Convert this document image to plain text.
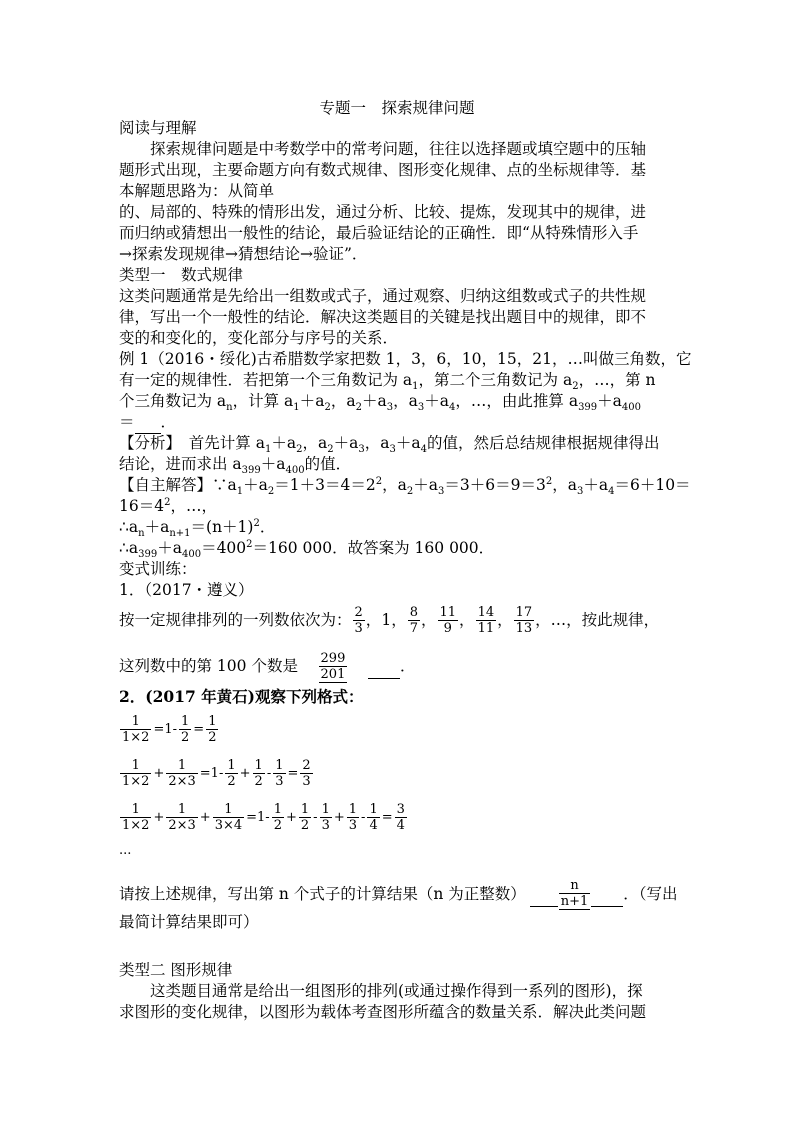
专题一　探索规律问题
阅读与理解
探索规律问题是中考数学中的常考问题，往往以选择题或填空题中的压轴
题形式出现，主要命题方向有数式规律、图形变化规律、点的坐标规律等．基
本解题思路为：从简单
的、局部的、特殊的情形出发，通过分析、比较、提炼，发现其中的规律，进
而归纳或猜想出一般性的结论，最后验证结论的正确性．即“从特殊情形入手
→探索发现规律→猜想结论→验证”．
类型一　数式规律
这类问题通常是先给出一组数或式子，通过观察、归纳这组数或式子的共性规
律，写出一个一般性的结论．解决这类题目的关键是找出题目中的规律，即不
变的和变化的，变化部分与序号的关系．
例 1（2016・绥化)古希腊数学家把数 1，3，6，10，15，21，…叫做三角数，它
有一定的规律性．若把第一个三角数记为 $a_1$，第二个三角数记为 $a_2$，…，第 n
个三角数记为 $a_n$，计算 $a_1+a_2$，$a_2+a_3$，$a_3+a_4$，…，由此推算 $a_{399}+a_{400}$
＝ ．
【分析】　首先计算 $a_1+a_2$，$a_2+a_3$，$a_3+a_4$的值，然后总结规律根据规律得出
结论，进而求出 $a_{399}+a_{400}$的值．
【自主解答】$\because a_1+a_2=1+3=4=2^2$，$a_2+a_3=3+6=9=3^2$，$a_3+a_4=6+10=$
$16=4^2$，…，
$\therefore a_n+a_{n+1}=(n+1)^2$．
$\therefore a_{399}+a_{400}=400^2=160$ 000．故答案为 160 000．
变式训练：
1．（2017・遵义）
按一定规律排列的一列数依次为： $\frac{2}{3}$ ， 1 ， $\frac{8}{7}$ ， $\frac{11}{9}$ ， $\frac{14}{11}$ ， $\frac{17}{13}$ ，…，按此规律，
这列数中的第 100 个数是 $\frac{299}{201}$
	．
2．(2017 年黄石)观察下列格式：
$\frac{1}{1\times 2} =1- \frac{1}{2} = \frac{1}{2}$
$\frac{1}{1\times 2} + \frac{1}{2\times 3} =1- \frac{1}{2} + \frac{1}{2} - \frac{1}{3} = \frac{2}{3}$
$\frac{1}{1\times 2} + \frac{1}{2\times 3} + \frac{1}{3\times 4} =1- \frac{1}{2} + \frac{1}{2} - \frac{1}{3} + \frac{1}{3} - \frac{1}{4} = \frac{3}{4}$
...
请按上述规律，写出第 n 个式子的计算结果（n 为正整数）
	$\frac{n}{n+1}$
．（写出
最简计算结果即可）
类型二 图形规律
这类题目通常是给出一组图形的排列(或通过操作得到一系列的图形)，探
求图形的变化规律，以图形为载体考查图形所蕴含的数量关系．解决此类问题
